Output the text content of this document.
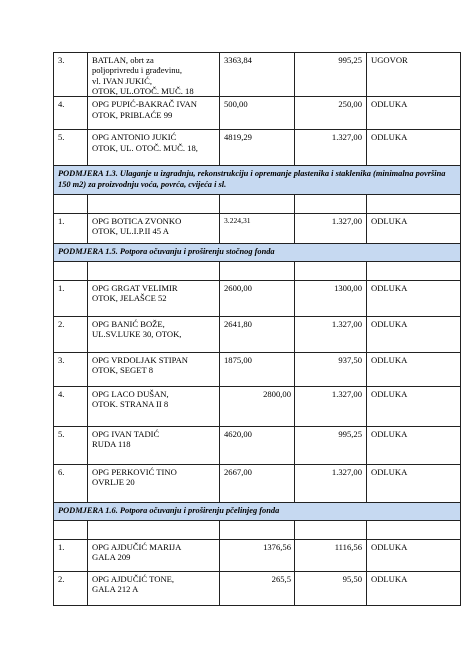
3.	BATLAN, obrt za
poljoprivredu i građevinu,
vl. IVAN JUKIĆ,
OTOK, UL.OTOČ. MUČ. 18	3363,84	995,25	UGOVOR

4.	OPG PUPIĆ-BAKRAČ IVAN
OTOK, PRIBLAĆE 99	500,00	250,00	ODLUKA

5.	OPG ANTONIO JUKIĆ
OTOK, UL. OTOČ. MUČ. 18,	4819,29	1.327,00	ODLUKA

PODMJERA 1.3. Ulaganje u izgradnju, rekonstrukciju i opremanje plastenika i staklenika (minimalna površina 150 m2) za proizvodnju voća, povrća, cvijeća i sl.				

1.	OPG BOTICA ZVONKO
OTOK, UL.I.P.II 45 A	3.224,31	1.327,00	ODLUKA

PODMJERA 1.5. Potpora očuvanju i proširenju stočnog fonda				

1.	OPG GRGAT VELIMIR
OTOK, JELAŠCE 52	2600,00	1300,00	ODLUKA

2.	OPG BANIĆ BOŽE,
UL.SV.LUKE 30, OTOK,	2641,80	1.327,00	ODLUKA

3.	OPG VRDOLJAK STIPAN
OTOK, SEGET 8	1875,00	937,50	ODLUKA

4.	OPG LACO DUŠAN,
OTOK. STRANA II 8	2800,00	1.327,00	ODLUKA

5.	OPG IVAN TADIĆ
RUDA 118	4620,00	995,25	ODLUKA

6.	OPG PERKOVIĆ TINO
OVRLJE 20	2667,00	1.327,00	ODLUKA

PODMJERA 1.6. Potpora očuvanju i proširenju pčelinjeg fonda				

1.	OPG AJDUČIĆ MARIJA
GALA 209	1376,56	1116,56	ODLUKA

2.	OPG AJDUČIĆ TONE,
GALA 212 A	265,5	95,50	ODLUKA
